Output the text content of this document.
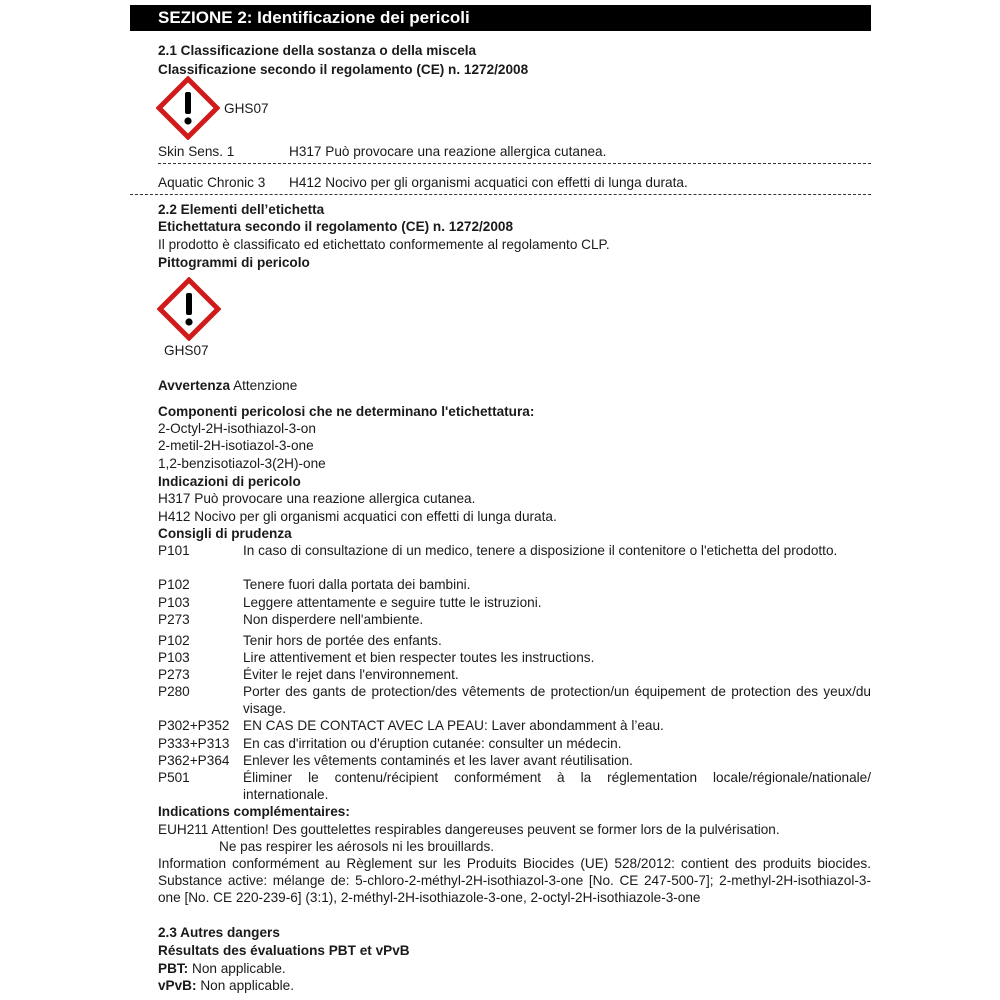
SEZIONE 2: Identificazione dei pericoli
2.1 Classificazione della sostanza o della miscela
Classificazione secondo il regolamento (CE) n. 1272/2008
GHS07
Skin Sens. 1	H317 Può provocare una reazione allergica cutanea.
Aquatic Chronic 3 H412 Nocivo per gli organismi acquatici con effetti di lunga durata.
2.2 Elementi dell’etichetta
Etichettatura secondo il regolamento (CE) n. 1272/2008
Il prodotto è classificato ed etichettato conformemente al regolamento CLP.
Pittogrammi di pericolo
GHS07
Avvertenza Attenzione
Componenti pericolosi che ne determinano l'etichettatura:
2-Octyl-2H-isothiazol-3-on
2-metil-2H-isotiazol-3-one
1,2-benzisotiazol-3(2H)-one
Indicazioni di pericolo
H317 Può provocare una reazione allergica cutanea.
H412 Nocivo per gli organismi acquatici con effetti di lunga durata.
Consigli di prudenza
P101	In caso di consultazione di un medico, tenere a disposizione il contenitore o l'etichetta del prodotto.
P102	Tenere fuori dalla portata dei bambini.
P103	Leggere attentamente e seguire tutte le istruzioni.
P273	Non disperdere nell'ambiente.
P102	Tenir hors de portée des enfants.
P103	Lire attentivement et bien respecter toutes les instructions.
P273	Éviter le rejet dans l'environnement.
P280	Porter des gants de protection/des vêtements de protection/un équipement de protection des yeux/du visage.
P302+P352 EN CAS DE CONTACT AVEC LA PEAU: Laver abondamment à l’eau.
P333+P313 En cas d'irritation ou d'éruption cutanée: consulter un médecin.
P362+P364 Enlever les vêtements contaminés et les laver avant réutilisation.
P501	Éliminer le contenu/récipient conformément à la réglementation locale/régionale/nationale/ internationale.
Indications complémentaires:
EUH211 Attention! Des gouttelettes respirables dangereuses peuvent se former lors de la pulvérisation.
Ne pas respirer les aérosols ni les brouillards.
Information conformément au Règlement sur les Produits Biocides (UE) 528/2012: contient des produits biocides. Substance active: mélange de: 5-chloro-2-méthyl-2H-isothiazol-3-one [No. CE 247-500-7]; 2-methyl-2H-isothiazol-3-one [No. CE 220-239-6] (3:1), 2-méthyl-2H-isothiazole-3-one, 2-octyl-2H-isothiazole-3-one
2.3 Autres dangers
Résultats des évaluations PBT et vPvB
PBT: Non applicable.
vPvB: Non applicable.
